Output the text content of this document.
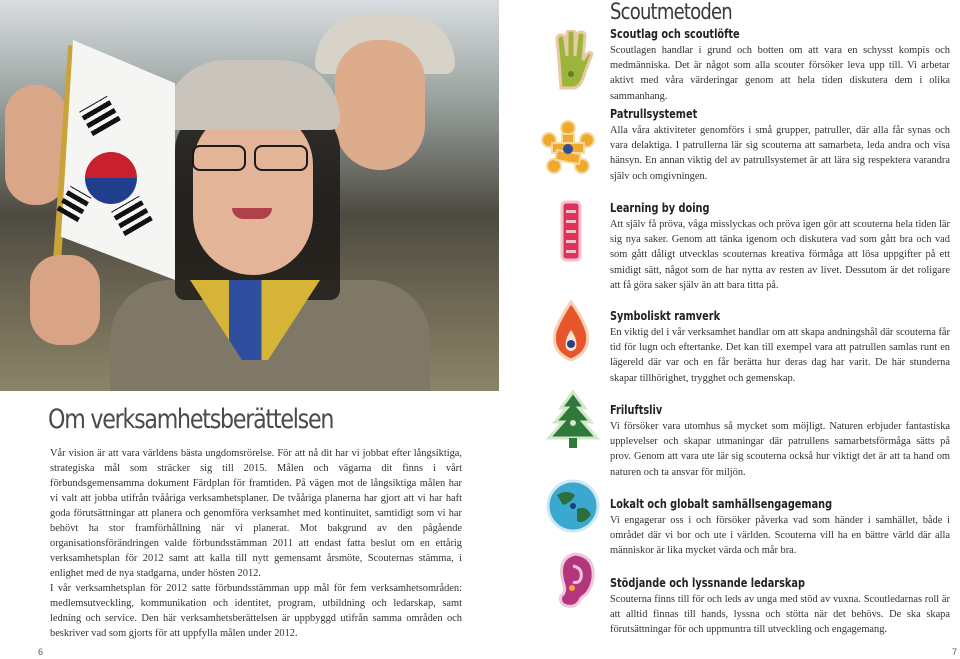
Om verksamhetsberättelsen

Vår vision är att vara världens bästa ungdomsrörelse. För att nå dit har vi jobbat efter långsiktiga, strategiska mål som sträcker sig till 2015. Målen och vägarna dit finns i vårt förbundsgemensamma dokument Färdplan för framtiden. På vägen mot de långsiktiga målen har vi valt att jobba utifrån tvååriga verksamhetsplaner. De tvååriga planerna har gjort att vi har haft goda förutsättningar att planera och genomföra verksamhet med kontinuitet, samtidigt som vi har behövt ha stor framförhållning när vi planerat. Mot bakgrund av den pågående organisationsförändringen valde förbundsstämman 2011 att endast fatta beslut om en ettårig verksamhetsplan för 2012 samt att kalla till nytt gemensamt årsmöte, Scouternas stämma, i enlighet med de nya stadgarna, under hösten 2012.

I vår verksamhetsplan för 2012 satte förbundsstämman upp mål för fem verksamhetsområden: medlemsutveckling, kommunikation och identitet, program, utbildning och ledarskap, samt ledning och service. Den här verksamhetsberättelsen är uppbyggd utifrån samma områden och beskriver vad som gjorts för att uppfylla målen under 2012.

6
Scoutmetoden
Scoutlag och scoutlöfte

Scoutlagen handlar i grund och botten om att vara en schysst kompis och medmänniska. Det är något som alla scouter försöker leva upp till. Vi arbetar aktivt med våra värderingar genom att hela tiden diskutera dem i olika sammanhang.

Patrullsystemet

Alla våra aktiviteter genomförs i små grupper, patruller, där alla får synas och vara delaktiga. I patrullerna lär sig scouterna att samarbeta, leda andra och visa hänsyn. En annan viktig del av patrullsystemet är att lära sig respektera varandra själv och omgivningen.

Learning by doing

Att själv få pröva, våga misslyckas och pröva igen gör att scouterna hela tiden lär sig nya saker. Genom att tänka igenom och diskutera vad som gått bra och vad som gått dåligt utvecklas scouternas kreativa förmåga att lösa uppgifter på ett smidigt sätt, något som de har nytta av resten av livet. Dessutom är det roligare att få göra saker själv än att bara titta på.

Symboliskt ramverk

En viktig del i vår verksamhet handlar om att skapa andningshål där scouterna får tid för lugn och eftertanke. Det kan till exempel vara att patrullen samlas runt en lägereld där var och en får berätta hur deras dag har varit. De här stunderna skapar tillhörighet, trygghet och gemenskap.

Friluftsliv

Vi försöker vara utomhus så mycket som möjligt. Naturen erbjuder fantastiska upplevelser och skapar utmaningar där patrullens samarbetsförmåga sätts på prov. Genom att vara ute lär sig scouterna också hur viktigt det är att ta hand om naturen och ta ansvar för miljön.

Lokalt och globalt samhällsengagemang

Vi engagerar oss i och försöker påverka vad som händer i samhället, både i området där vi bor och ute i världen. Scouterna vill ha en bättre värld där alla människor är lika mycket värda och mår bra.

Stödjande och lyssnande ledarskap

Scouterna finns till för och leds av unga med stöd av vuxna. Scoutledarnas roll är att alltid finnas till hands, lyssna och stötta när det behövs. De ska skapa förutsättningar för och uppmuntra till utveckling och engagemang.

7
